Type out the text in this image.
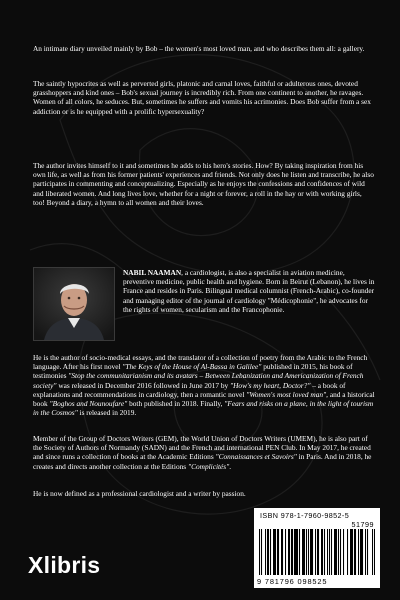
An intimate diary unveiled mainly by Bob – the women's most loved man, and who describes them all: a gallery.

The saintly hypocrites as well as perverted girls, platonic and carnal loves, faithful or adulterous ones, devoted grasshoppers and kind ones – Bob's sexual journey is incredibly rich. From one continent to another, he ravages. Women of all colors, he seduces. But, sometimes he suffers and vomits his acrimonies. Does Bob suffer from a sex addiction or is he equipped with a prolific hypersexuality?

The author invites himself to it and sometimes he adds to his hero's stories. How? By taking inspiration from his own life, as well as from his former patients' experiences and friends. Not only does he listen and transcribe, he also participates in commenting and conceptualizing. Especially as he enjoys the confessions and confidences of wild and liberated women. And long lives love, whether for a night or forever, a roll in the hay or with working girls, too! Beyond a diary, a hymn to all women and their loves.

NABIL NAAMAN, a cardiologist, is also a specialist in aviation medicine, preventive medicine, public health and hygiene. Born in Beirut (Lebanon), he lives in France and resides in Paris. Bilingual medical columnist (French-Arabic), co-founder and managing editor of the journal of cardiology "Médicophonie", he advocates for the rights of women, secularism and the Francophonie.

He is the author of socio-medical essays, and the translator of a collection of poetry from the Arabic to the French language. After his first novel "The Keys of the House of Al-Bassa in Galilee" published in 2015, his book of testimonies "Stop the communitarianism and its avatars – Between Lebanization and Americanization of French society" was released in December 2016 followed in June 2017 by "How's my heart, Doctor?" – a book of explanations and recommendations in cardiology, then a romantic novel "Women's most loved man", and a historical book "Boghos and Nounoufare" both published in 2018. Finally, "Fears and risks on a plane, in the light of tourism in the Cosmos" is released in 2019.

Member of the Group of Doctors Writers (GEM), the World Union of Doctors Writers (UMEM), he is also part of the Society of Authors of Normandy (SADN) and the French and international PEN Club. In May 2017, he created and since runs a collection of books at the Academic Editions "Connaissances et Savoirs" in Paris. And in 2018, he creates and directs another collection at the Editions "Complicités".

He is now defined as a professional cardiologist and a writer by passion.

Xlibris
ISBN 978-1-7960-9852-5
51799
9 781796 098525
